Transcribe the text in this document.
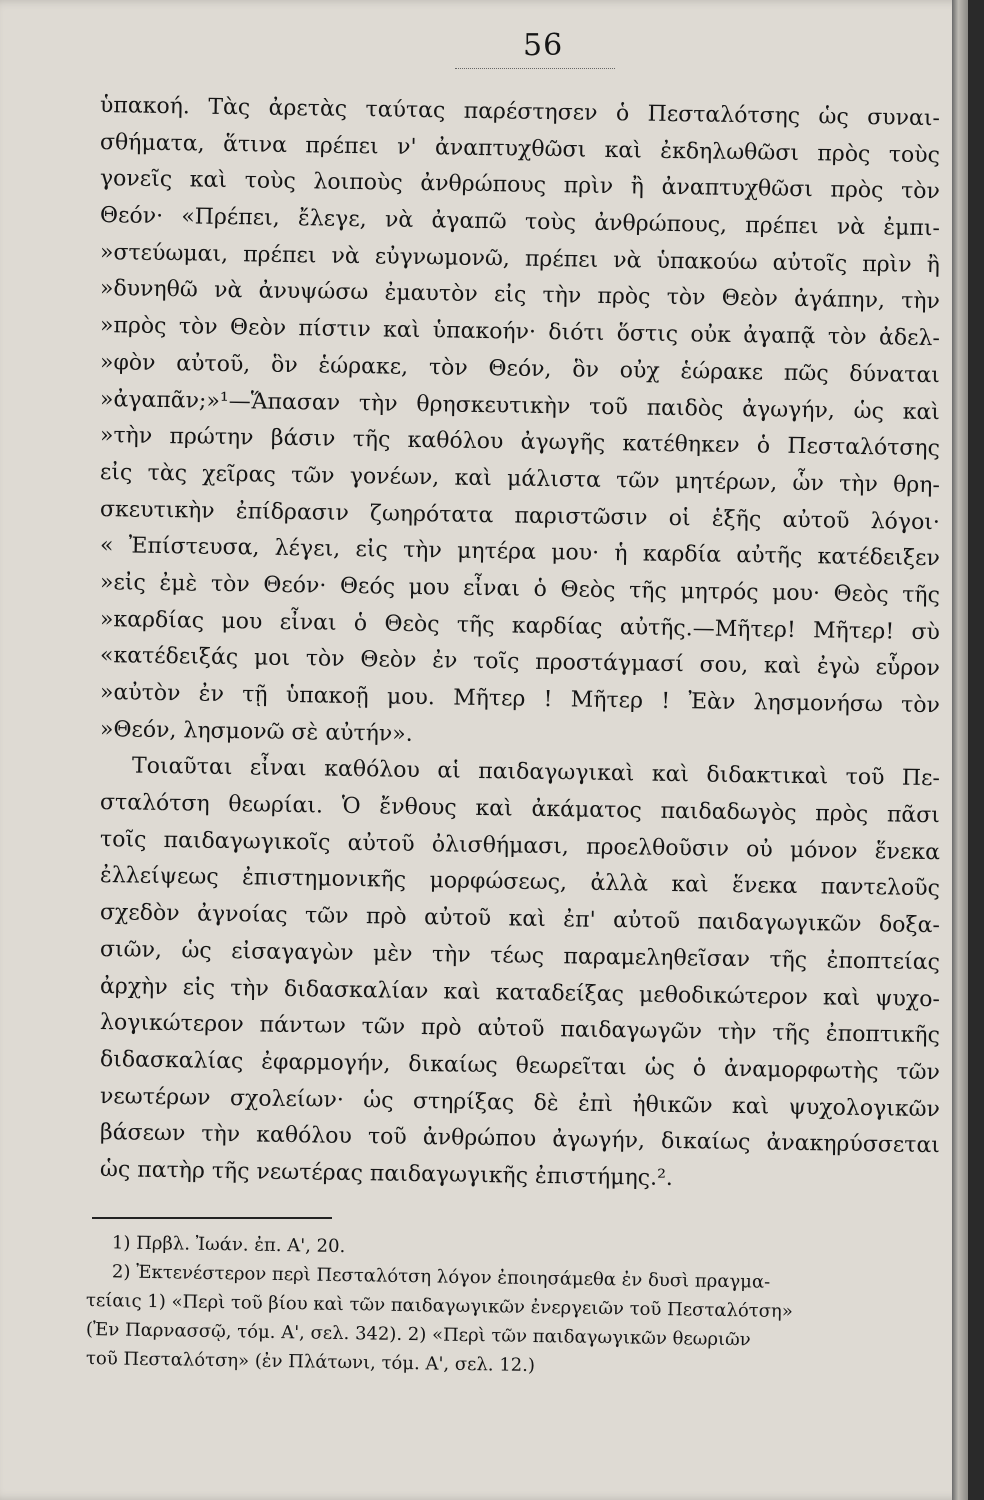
56
ὑπακοή. Τὰς ἀρετὰς ταύτας παρέστησεν ὁ Πεσταλότσης ὡς συναι-
σθήματα, ἅτινα πρέπει ν' ἀναπτυχθῶσι καὶ ἐκδηλωθῶσι πρὸς τοὺς
γονεῖς καὶ τοὺς λοιποὺς ἀνθρώπους πρὶν ἢ ἀναπτυχθῶσι πρὸς τὸν
Θεόν· «Πρέπει, ἔλεγε, νὰ ἀγαπῶ τοὺς ἀνθρώπους, πρέπει νὰ ἐμπι-
»στεύωμαι, πρέπει νὰ εὐγνωμονῶ, πρέπει νὰ ὑπακούω αὐτοῖς πρὶν ἢ
»δυνηθῶ νὰ ἀνυψώσω ἐμαυτὸν εἰς τὴν πρὸς τὸν Θεὸν ἀγάπην, τὴν
»πρὸς τὸν Θεὸν πίστιν καὶ ὑπακοήν· διότι ὅστις οὐκ ἀγαπᾷ τὸν ἀδελ-
»φὸν αὐτοῦ, ὃν ἑώρακε, τὸν Θεόν, ὃν οὐχ ἑώρακε πῶς δύναται
»ἀγαπᾶν;»¹—Ἅπασαν τὴν θρησκευτικὴν τοῦ παιδὸς ἀγωγήν, ὡς καὶ
»τὴν πρώτην βάσιν τῆς καθόλου ἀγωγῆς κατέθηκεν ὁ Πεσταλότσης
εἰς τὰς χεῖρας τῶν γονέων, καὶ μάλιστα τῶν μητέρων, ὧν τὴν θρη-
σκευτικὴν ἐπίδρασιν ζωηρότατα παριστῶσιν οἱ ἑξῆς αὐτοῦ λόγοι·
« Ἐπίστευσα, λέγει, εἰς τὴν μητέρα μου· ἡ καρδία αὐτῆς κατέδειξεν
»εἰς ἐμὲ τὸν Θεόν· Θεός μου εἶναι ὁ Θεὸς τῆς μητρός μου· Θεὸς τῆς
»καρδίας μου εἶναι ὁ Θεὸς τῆς καρδίας αὐτῆς.—Μῆτερ! Μῆτερ! σὺ
«κατέδειξάς μοι τὸν Θεὸν ἐν τοῖς προστάγμασί σου, καὶ ἐγὼ εὗρον
»αὐτὸν ἐν τῇ ὑπακοῇ μου. Μῆτερ ! Μῆτερ ! Ἐὰν λησμονήσω τὸν
»Θεόν, λησμονῶ σὲ αὐτήν».
Τοιαῦται εἶναι καθόλου αἱ παιδαγωγικαὶ καὶ διδακτικαὶ τοῦ Πε-
σταλότση θεωρίαι. Ὁ ἔνθους καὶ ἀκάματος παιδαδωγὸς πρὸς πᾶσι
τοῖς παιδαγωγικοῖς αὐτοῦ ὀλισθήμασι, προελθοῦσιν οὐ μόνον ἕνεκα
ἐλλείψεως ἐπιστημονικῆς μορφώσεως, ἀλλὰ καὶ ἕνεκα παντελοῦς
σχεδὸν ἀγνοίας τῶν πρὸ αὐτοῦ καὶ ἐπ' αὐτοῦ παιδαγωγικῶν δοξα-
σιῶν, ὡς εἰσαγαγὼν μὲν τὴν τέως παραμεληθεῖσαν τῆς ἐποπτείας
ἀρχὴν εἰς τὴν διδασκαλίαν καὶ καταδείξας μεθοδικώτερον καὶ ψυχο-
λογικώτερον πάντων τῶν πρὸ αὐτοῦ παιδαγωγῶν τὴν τῆς ἐποπτικῆς
διδασκαλίας ἐφαρμογήν, δικαίως θεωρεῖται ὡς ὁ ἀναμορφωτὴς τῶν
νεωτέρων σχολείων· ὡς στηρίξας δὲ ἐπὶ ἠθικῶν καὶ ψυχολογικῶν
βάσεων τὴν καθόλου τοῦ ἀνθρώπου ἀγωγήν, δικαίως ἀνακηρύσσεται
ὡς πατὴρ τῆς νεωτέρας παιδαγωγικῆς ἐπιστήμης.².
1) Πρβλ. Ἰωάν. ἐπ. Α', 20.
2) Ἐκτενέστερον περὶ Πεσταλότση λόγον ἐποιησάμεθα ἐν δυσὶ πραγμα-
τείαις 1) «Περὶ τοῦ βίου καὶ τῶν παιδαγωγικῶν ἐνεργειῶν τοῦ Πεσταλότση»
(Ἐν Παρνασσῷ, τόμ. Α', σελ. 342). 2) «Περὶ τῶν παιδαγωγικῶν θεωριῶν
τοῦ Πεσταλότση» (ἐν Πλάτωνι, τόμ. Α', σελ. 12.)
